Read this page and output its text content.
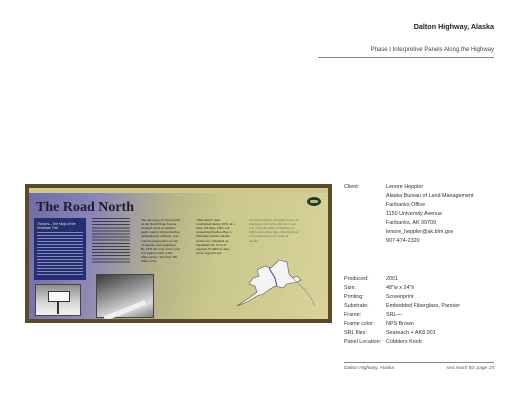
Dalton Highway, Alaska
Phase I Interpretive Panels Along the Highway
The Road North
Truckers—The Kings of the Komikaze Trail
The discovery of "black gold" on the North Slope forever changed travel in Alaska's north country. Oil production demanded the efficient, year-round transportation of tons of supplies and equipment. By 1970 the "end of the road" was pushed north to the Yukon River. The final 356 miles of the
"Haul Road" were constructed during 1974, in a mere 154 days. This road connecting Prudhoe Bay to Fairbanks and the outside world was completed on September 29, 1974. It required 32 million cubic yards of gravel and
cost $125 million. Roughly longer 40 standards, this rocky ribbon of road was called the Dalton Highway in 1980 when ownership of the highway was transferred to the State of Alaska.
Client:	Lenore Heppler
Alaska Bureau of Land Management
Fairbanks Office
1150 University Avenue
Fairbanks, AK 99709
lenore_heppler@ak.blm.gov
907-474-2320
Produced:	2001
Size:	48"w x 24"h
Printing:	Screenprint
Substrate:	Embedded Fiberglass, Pannier
Frame:	SRL—
Frame color: NPS Brown
SRL files:	Seareach + AK8.001
Panel Location: Cobblers Knob
Dalton Highway, Alaska	sea reach ltd. page 15
